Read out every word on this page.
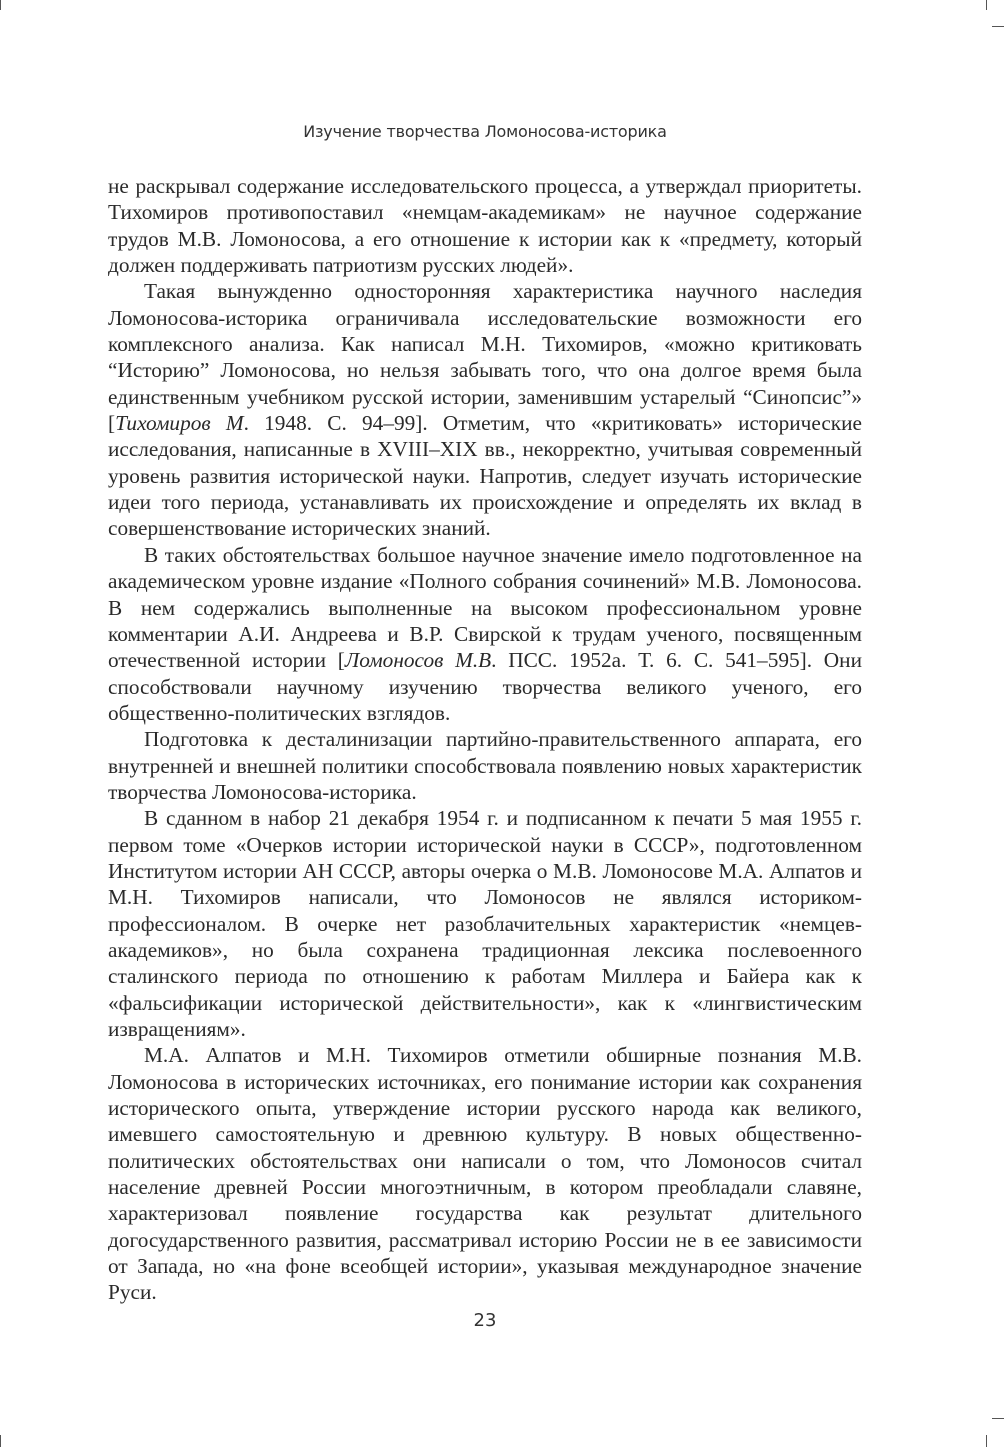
Изучение творчества Ломоносова-историка

не раскрывал содержание исследовательского процесса, а утверждал приоритеты. Тихомиров противопоставил «немцам-академикам» не научное содержание трудов М.В. Ломоносова, а его отношение к истории как к «предмету, который должен поддерживать патриотизм русских людей».

Такая вынужденно односторонняя характеристика научного наследия Ломоносова-историка ограничивала исследовательские возможности его комплексного анализа. Как написал М.Н. Тихомиров, «можно критиковать “Историю” Ломоносова, но нельзя забывать того, что она долгое время была единственным учебником русской истории, заменившим устарелый “Синопсис”» [Тихомиров М. 1948. С. 94–99]. Отметим, что «критиковать» исторические исследования, написанные в XVIII–XIX вв., некорректно, учитывая современный уровень развития исторической науки. Напротив, следует изучать исторические идеи того периода, устанавливать их происхождение и определять их вклад в совершенствование исторических знаний.

В таких обстоятельствах большое научное значение имело подготовленное на академическом уровне издание «Полного собрания сочинений» М.В. Ломоносова. В нем содержались выполненные на высоком профессиональном уровне комментарии А.И. Андреева и В.Р. Свирской к трудам ученого, посвященным отечественной истории [Ломоносов М.В. ПСС. 1952а. Т. 6. С. 541–595]. Они способствовали научному изучению творчества великого ученого, его общественно-политических взглядов.

Подготовка к десталинизации партийно-правительственного аппарата, его внутренней и внешней политики способствовала появлению новых характеристик творчества Ломоносова-историка.

В сданном в набор 21 декабря 1954 г. и подписанном к печати 5 мая 1955 г. первом томе «Очерков истории исторической науки в СССР», подготовленном Институтом истории АН СССР, авторы очерка о М.В. Ломоносове М.А. Алпатов и М.Н. Тихомиров написали, что Ломоносов не являлся историком-профессионалом. В очерке нет разоблачительных характеристик «немцев-академиков», но была сохранена традиционная лексика послевоенного сталинского периода по отношению к работам Миллера и Байера как к «фальсификации исторической действительности», как к «лингвистическим извращениям».

М.А. Алпатов и М.Н. Тихомиров отметили обширные познания М.В. Ломоносова в исторических источниках, его понимание истории как сохранения исторического опыта, утверждение истории русского народа как великого, имевшего самостоятельную и древнюю культуру. В новых общественно-политических обстоятельствах они написали о том, что Ломоносов считал население древней России многоэтничным, в котором преобладали славяне, характеризовал появление государства как результат длительного догосударственного развития, рассматривал историю России не в ее зависимости от Запада, но «на фоне всеобщей истории», указывая международное значение Руси.

23
